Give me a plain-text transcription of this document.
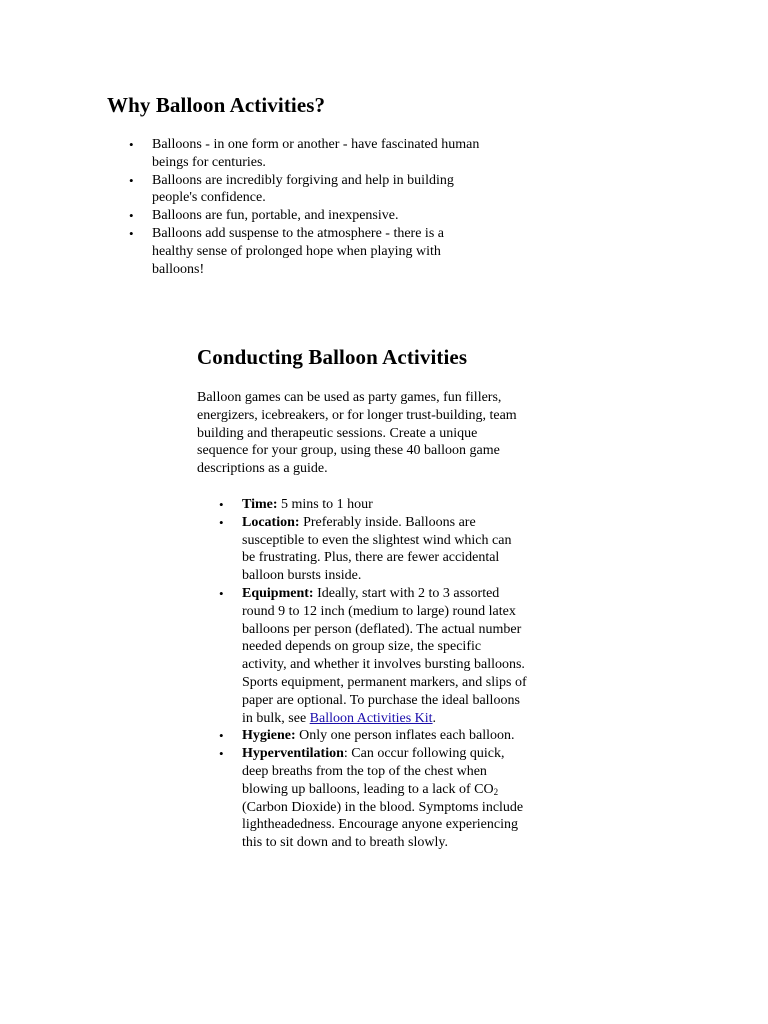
Why Balloon Activities?
• Balloons - in one form or another - have fascinated human beings for centuries.
• Balloons are incredibly forgiving and help in building people's confidence.
• Balloons are fun, portable, and inexpensive.
• Balloons add suspense to the atmosphere - there is a healthy sense of prolonged hope when playing with balloons!
Conducting Balloon Activities

Balloon games can be used as party games, fun fillers, energizers, icebreakers, or for longer trust-building, team building and therapeutic sessions. Create a unique sequence for your group, using these 40 balloon game descriptions as a guide.

• Time: 5 mins to 1 hour
• Location: Preferably inside. Balloons are susceptible to even the slightest wind which can be frustrating. Plus, there are fewer accidental balloon bursts inside.
• Equipment: Ideally, start with 2 to 3 assorted round 9 to 12 inch (medium to large) round latex balloons per person (deflated). The actual number needed depends on group size, the specific activity, and whether it involves bursting balloons. Sports equipment, permanent markers, and slips of paper are optional. To purchase the ideal balloons in bulk, see Balloon Activities Kit.
• Hygiene: Only one person inflates each balloon.
• Hyperventilation: Can occur following quick, deep breaths from the top of the chest when blowing up balloons, leading to a lack of $CO_2$ (Carbon Dioxide) in the blood. Symptoms include lightheadedness. Encourage anyone experiencing this to sit down and to breath slowly.
